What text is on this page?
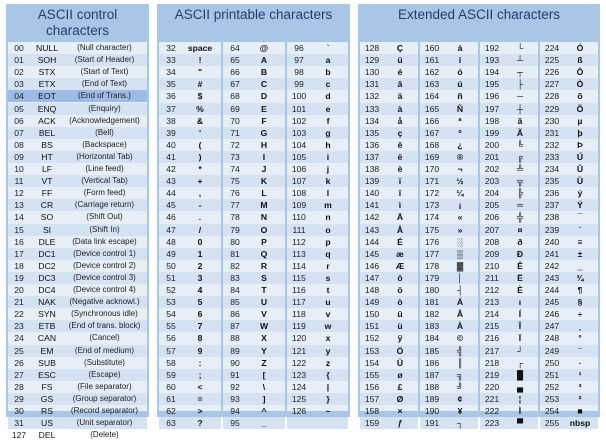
ASCII control characters
00	NULL	(Null character)
01	SOH	(Start of Header)
02	STX	(Start of Text)
03	ETX	(End of Text)
04	EOT	(End of Trans.)
05	ENQ	(Enquiry)
06	ACK	(Acknowledgement)
07	BEL	(Bell)
08	BS	(Backspace)
09	HT	(Horizontal Tab)
10	LF	(Line feed)
11	VT	(Vertical Tab)
12	FF	(Form feed)
13	CR	(Carriage return)
14	SO	(Shift Out)
15	SI	(Shift In)
16	DLE	(Data link escape)
17	DC1	(Device control 1)
18	DC2	(Device control 2)
19	DC3	(Device control 3)
20	DC4	(Device control 4)
21	NAK	(Negative acknowl.)
22	SYN	(Synchronous idle)
23	ETB	(End of trans. block)
24	CAN	(Cancel)
25	EM	(End of medium)
26	SUB	(Substitute)
27	ESC	(Escape)
28	FS	(File separator)
29	GS	(Group separator)
30	RS	(Record separator)
31	US	(Unit separator)
127	DEL	(Delete)
ASCII printable characters
32	space
33	!
34	"
35	#
36	$
37	%
38	&
39	'
40	(
41	)
42	*
43	+
44	,
45	-
46	.
47	/
48	0
49	1
50	2
51	3
52	4
53	5
54	6
55	7
56	8
57	9
58	:
59	;
60	<
61	=
62	>
63	?
64	@
65	A
66	B
67	C
68	D
69	E
70	F
71	G
72	H
73	I
74	J
75	K
76	L
77	M
78	N
79	O
80	P
81	Q
82	R
83	S
84	T
85	U
86	V
87	W
88	X
89	Y
90	Z
91	[
92	\
93	]
94	^
95	_
96	`
97	a
98	b
99	c
100	d
101	e
102	f
103	g
104	h
105	i
106	j
107	k
108	l
109	m
110	n
111	o
112	p
113	q
114	r
115	s
116	t
117	u
118	v
119	w
120	x
121	y
122	z
123	{
124	|
125	}
126	~
Extended ASCII characters
128	Ç
129	ü
130	é
131	â
132	ä
133	à
134	å
135	ç
136	ê
137	ë
138	è
139	ï
140	î
141	ì
142	Ä
143	Å
144	É
145	æ
146	Æ
147	ô
148	ö
149	ò
150	û
151	ù
152	ÿ
153	Ö
154	Ü
155	ø
156	£
157	Ø
158	×
159	ƒ
160	á
161	í
162	ó
163	ú
164	ñ
165	Ñ
166	ª
167	º
168	¿
169	®
170	¬
171	½
172	¼
173	¡
174	«
175	»
176	░
177	▒
178	▓
179	│
180	┤
181	Á
182	Â
183	À
184	©
185	╣
186	║
187	╗
188	╝
189	¢
190	¥
191	┐
192	└
193	┴
194	┬
195	├
196	─
197	┼
198	ã
199	Ã
200	╚
201	╔
202	╩
203	╦
204	╠
205	═
206	╬
207	¤
208	ð
209	Ð
210	Ê
211	Ë
212	È
213	ı
214	Í
215	Î
216	Ï
217	┘
218	┌
219	█
220	▄
221	¦
222	Ì
223	▀
224	Ó
225	ß
226	Ô
227	Ò
228	õ
229	Õ
230	µ
231	þ
232	Þ
233	Ú
234	Û
235	Ù
236	ý
237	Ý
238	¯
239	´
240	≡
241	±
242	‗
243	¾
244	¶
245	§
246	÷
247	¸
248	°
249	¨
250	·
251	¹
252	³
253	²
254	■
255	nbsp
